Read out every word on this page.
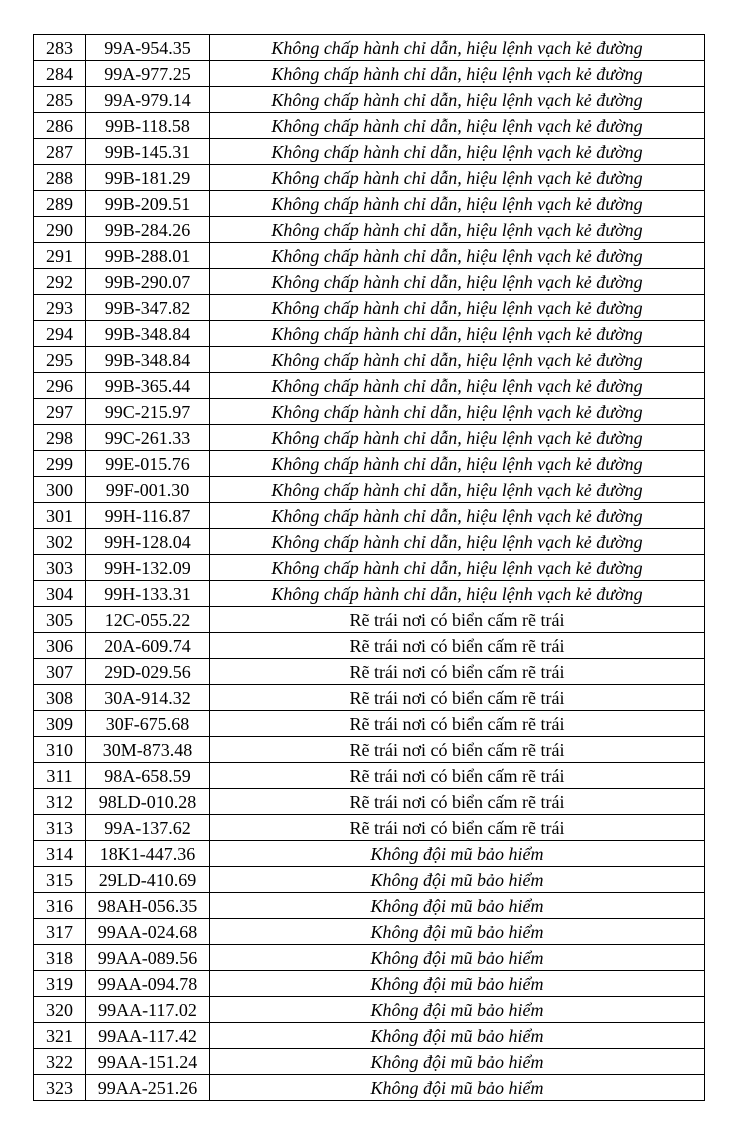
283	99A-954.35	Không chấp hành chỉ dẫn, hiệu lệnh vạch kẻ đường
284	99A-977.25	Không chấp hành chỉ dẫn, hiệu lệnh vạch kẻ đường
285	99A-979.14	Không chấp hành chỉ dẫn, hiệu lệnh vạch kẻ đường
286	99B-118.58	Không chấp hành chỉ dẫn, hiệu lệnh vạch kẻ đường
287	99B-145.31	Không chấp hành chỉ dẫn, hiệu lệnh vạch kẻ đường
288	99B-181.29	Không chấp hành chỉ dẫn, hiệu lệnh vạch kẻ đường
289	99B-209.51	Không chấp hành chỉ dẫn, hiệu lệnh vạch kẻ đường
290	99B-284.26	Không chấp hành chỉ dẫn, hiệu lệnh vạch kẻ đường
291	99B-288.01	Không chấp hành chỉ dẫn, hiệu lệnh vạch kẻ đường
292	99B-290.07	Không chấp hành chỉ dẫn, hiệu lệnh vạch kẻ đường
293	99B-347.82	Không chấp hành chỉ dẫn, hiệu lệnh vạch kẻ đường
294	99B-348.84	Không chấp hành chỉ dẫn, hiệu lệnh vạch kẻ đường
295	99B-348.84	Không chấp hành chỉ dẫn, hiệu lệnh vạch kẻ đường
296	99B-365.44	Không chấp hành chỉ dẫn, hiệu lệnh vạch kẻ đường
297	99C-215.97	Không chấp hành chỉ dẫn, hiệu lệnh vạch kẻ đường
298	99C-261.33	Không chấp hành chỉ dẫn, hiệu lệnh vạch kẻ đường
299	99E-015.76	Không chấp hành chỉ dẫn, hiệu lệnh vạch kẻ đường
300	99F-001.30	Không chấp hành chỉ dẫn, hiệu lệnh vạch kẻ đường
301	99H-116.87	Không chấp hành chỉ dẫn, hiệu lệnh vạch kẻ đường
302	99H-128.04	Không chấp hành chỉ dẫn, hiệu lệnh vạch kẻ đường
303	99H-132.09	Không chấp hành chỉ dẫn, hiệu lệnh vạch kẻ đường
304	99H-133.31	Không chấp hành chỉ dẫn, hiệu lệnh vạch kẻ đường
305	12C-055.22	Rẽ trái nơi có biển cấm rẽ trái
306	20A-609.74	Rẽ trái nơi có biển cấm rẽ trái
307	29D-029.56	Rẽ trái nơi có biển cấm rẽ trái
308	30A-914.32	Rẽ trái nơi có biển cấm rẽ trái
309	30F-675.68	Rẽ trái nơi có biển cấm rẽ trái
310	30M-873.48	Rẽ trái nơi có biển cấm rẽ trái
311	98A-658.59	Rẽ trái nơi có biển cấm rẽ trái
312	98LD-010.28	Rẽ trái nơi có biển cấm rẽ trái
313	99A-137.62	Rẽ trái nơi có biển cấm rẽ trái
314	18K1-447.36	Không đội mũ bảo hiểm
315	29LD-410.69	Không đội mũ bảo hiểm
316	98AH-056.35	Không đội mũ bảo hiểm
317	99AA-024.68	Không đội mũ bảo hiểm
318	99AA-089.56	Không đội mũ bảo hiểm
319	99AA-094.78	Không đội mũ bảo hiểm
320	99AA-117.02	Không đội mũ bảo hiểm
321	99AA-117.42	Không đội mũ bảo hiểm
322	99AA-151.24	Không đội mũ bảo hiểm
323	99AA-251.26	Không đội mũ bảo hiểm
